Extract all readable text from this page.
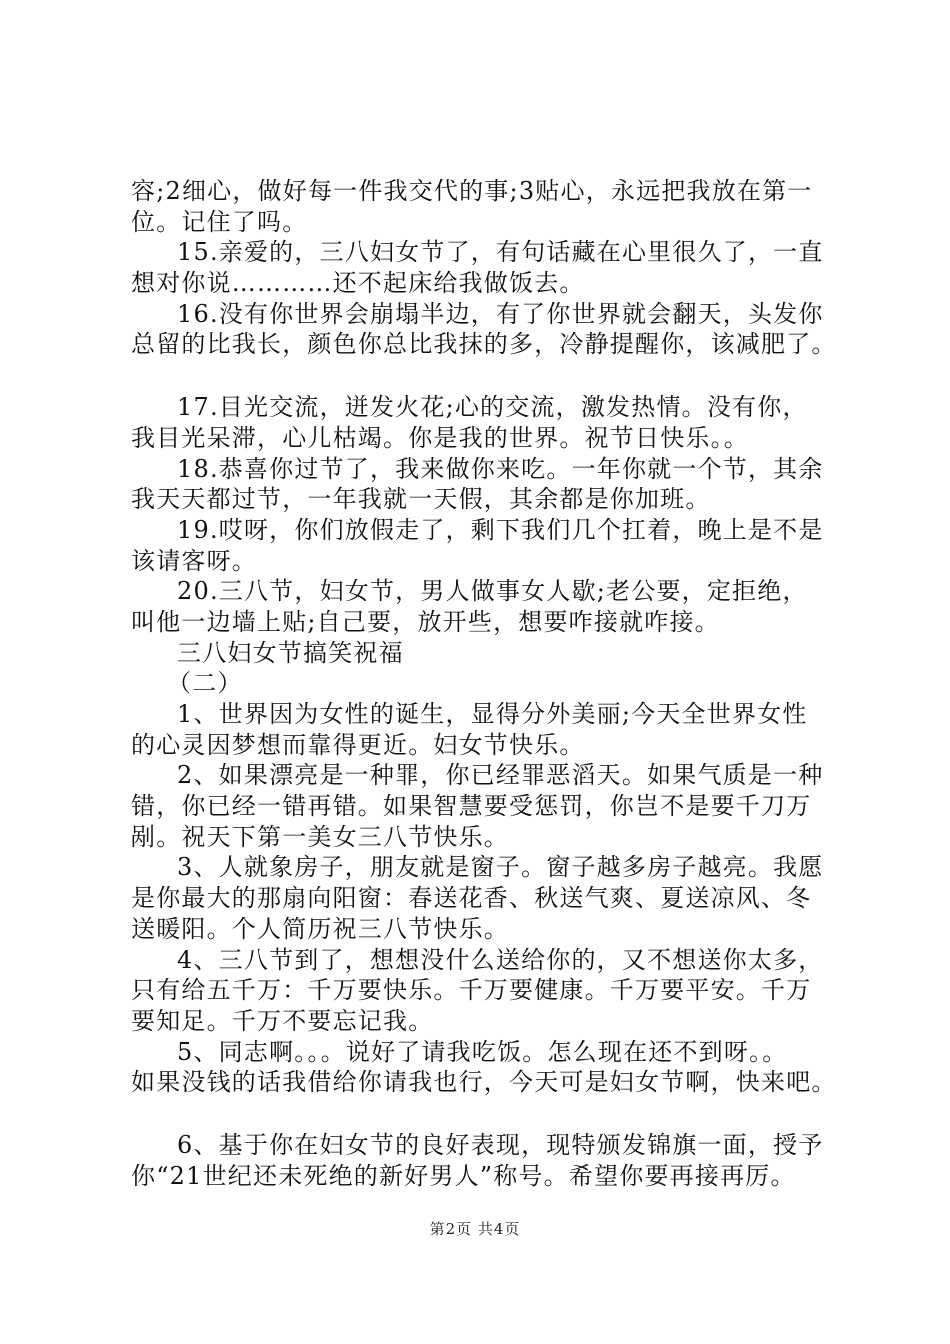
容;2细心，做好每一件我交代的事;3贴心，永远把我放在第一
位。记住了吗。
15.亲爱的，三八妇女节了，有句话藏在心里很久了，一直
想对你说…………还不起床给我做饭去。
16.没有你世界会崩塌半边，有了你世界就会翻天，头发你
总留的比我长，颜色你总比我抹的多，冷静提醒你，该减肥了。
17.目光交流，迸发火花;心的交流，激发热情。没有你，
我目光呆滞，心儿枯竭。你是我的世界。祝节日快乐。。
18.恭喜你过节了，我来做你来吃。一年你就一个节，其余
我天天都过节，一年我就一天假，其余都是你加班。
19.哎呀，你们放假走了，剩下我们几个扛着，晚上是不是
该请客呀。
20.三八节，妇女节，男人做事女人歇;老公要，定拒绝，
叫他一边墙上贴;自己要，放开些，想要咋接就咋接。
三八妇女节搞笑祝福
（二）
1、世界因为女性的诞生，显得分外美丽;今天全世界女性
的心灵因梦想而靠得更近。妇女节快乐。
2、如果漂亮是一种罪，你已经罪恶滔天。如果气质是一种
错，你已经一错再错。如果智慧要受惩罚，你岂不是要千刀万
剐。祝天下第一美女三八节快乐。
3、人就象房子，朋友就是窗子。窗子越多房子越亮。我愿
是你最大的那扇向阳窗：春送花香、秋送气爽、夏送凉风、冬
送暖阳。个人简历祝三八节快乐。
4、三八节到了，想想没什么送给你的，又不想送你太多，
只有给五千万：千万要快乐。千万要健康。千万要平安。千万
要知足。千万不要忘记我。
5、同志啊。。。说好了请我吃饭。怎么现在还不到呀。。
如果没钱的话我借给你请我也行，今天可是妇女节啊，快来吧。
6、基于你在妇女节的良好表现，现特颁发锦旗一面，授予
你“21世纪还未死绝的新好男人”称号。希望你要再接再厉。
第2页 共4页
